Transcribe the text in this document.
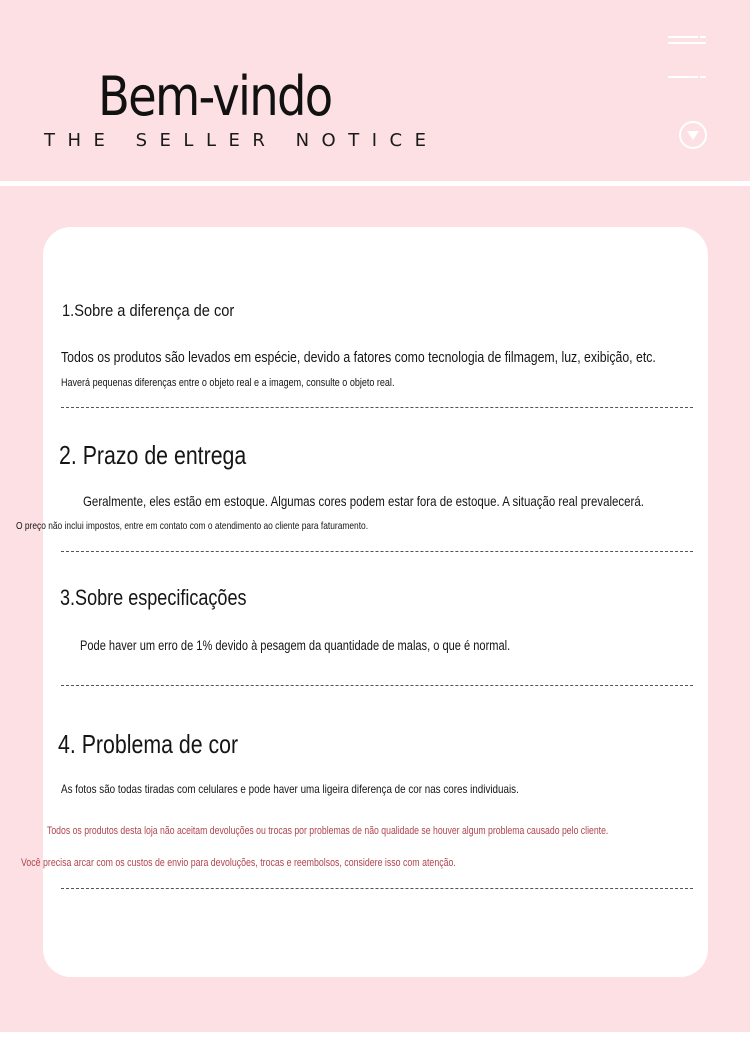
Bem-vindo
THE SELLER NOTICE
1.Sobre a diferença de cor
Todos os produtos são levados em espécie, devido a fatores como tecnologia de filmagem, luz, exibição, etc.
Haverá pequenas diferenças entre o objeto real e a imagem, consulte o objeto real.
2. Prazo de entrega
Geralmente, eles estão em estoque. Algumas cores podem estar fora de estoque. A situação real prevalecerá.
O preço não inclui impostos, entre em contato com o atendimento ao cliente para faturamento.
3.Sobre especificações
Pode haver um erro de 1% devido à pesagem da quantidade de malas, o que é normal.
4. Problema de cor
As fotos são todas tiradas com celulares e pode haver uma ligeira diferença de cor nas cores individuais.
Todos os produtos desta loja não aceitam devoluções ou trocas por problemas de não qualidade se houver algum problema causado pelo cliente.
Você precisa arcar com os custos de envio para devoluções, trocas e reembolsos, considere isso com atenção.
